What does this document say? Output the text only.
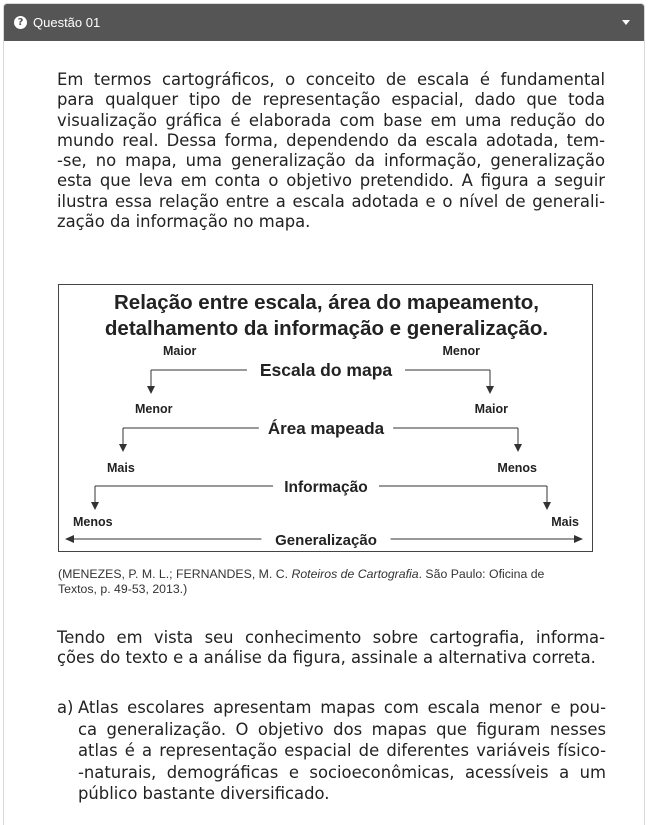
? Questão 01
Em termos cartográficos, o conceito de escala é fundamental
para qualquer tipo de representação espacial, dado que toda
visualização gráfica é elaborada com base em uma redução do
mundo real. Dessa forma, dependendo da escala adotada, tem-
-se, no mapa, uma generalização da informação, generalização
esta que leva em conta o objetivo pretendido. A figura a seguir
ilustra essa relação entre a escala adotada e o nível de generali-
zação da informação no mapa.
Relação entre escala, área do mapeamento,
detalhamento da informação e generalização.
Escala do mapa
Maior	Menor
Área mapeada
Menor	Maior
Informação
Mais	Menos
Generalização
Menos	Mais
(MENEZES, P. M. L.; FERNANDES, M. C. Roteiros de Cartografia. São Paulo: Oficina de
Textos, p. 49-53, 2013.)
Tendo em vista seu conhecimento sobre cartografia, informa-
ções do texto e a análise da figura, assinale a alternativa correta.
a) Atlas escolares apresentam mapas com escala menor e pou-
ca generalização. O objetivo dos mapas que figuram nesses
atlas é a representação espacial de diferentes variáveis físico-
-naturais, demográficas e socioeconômicas, acessíveis a um
público bastante diversificado.
